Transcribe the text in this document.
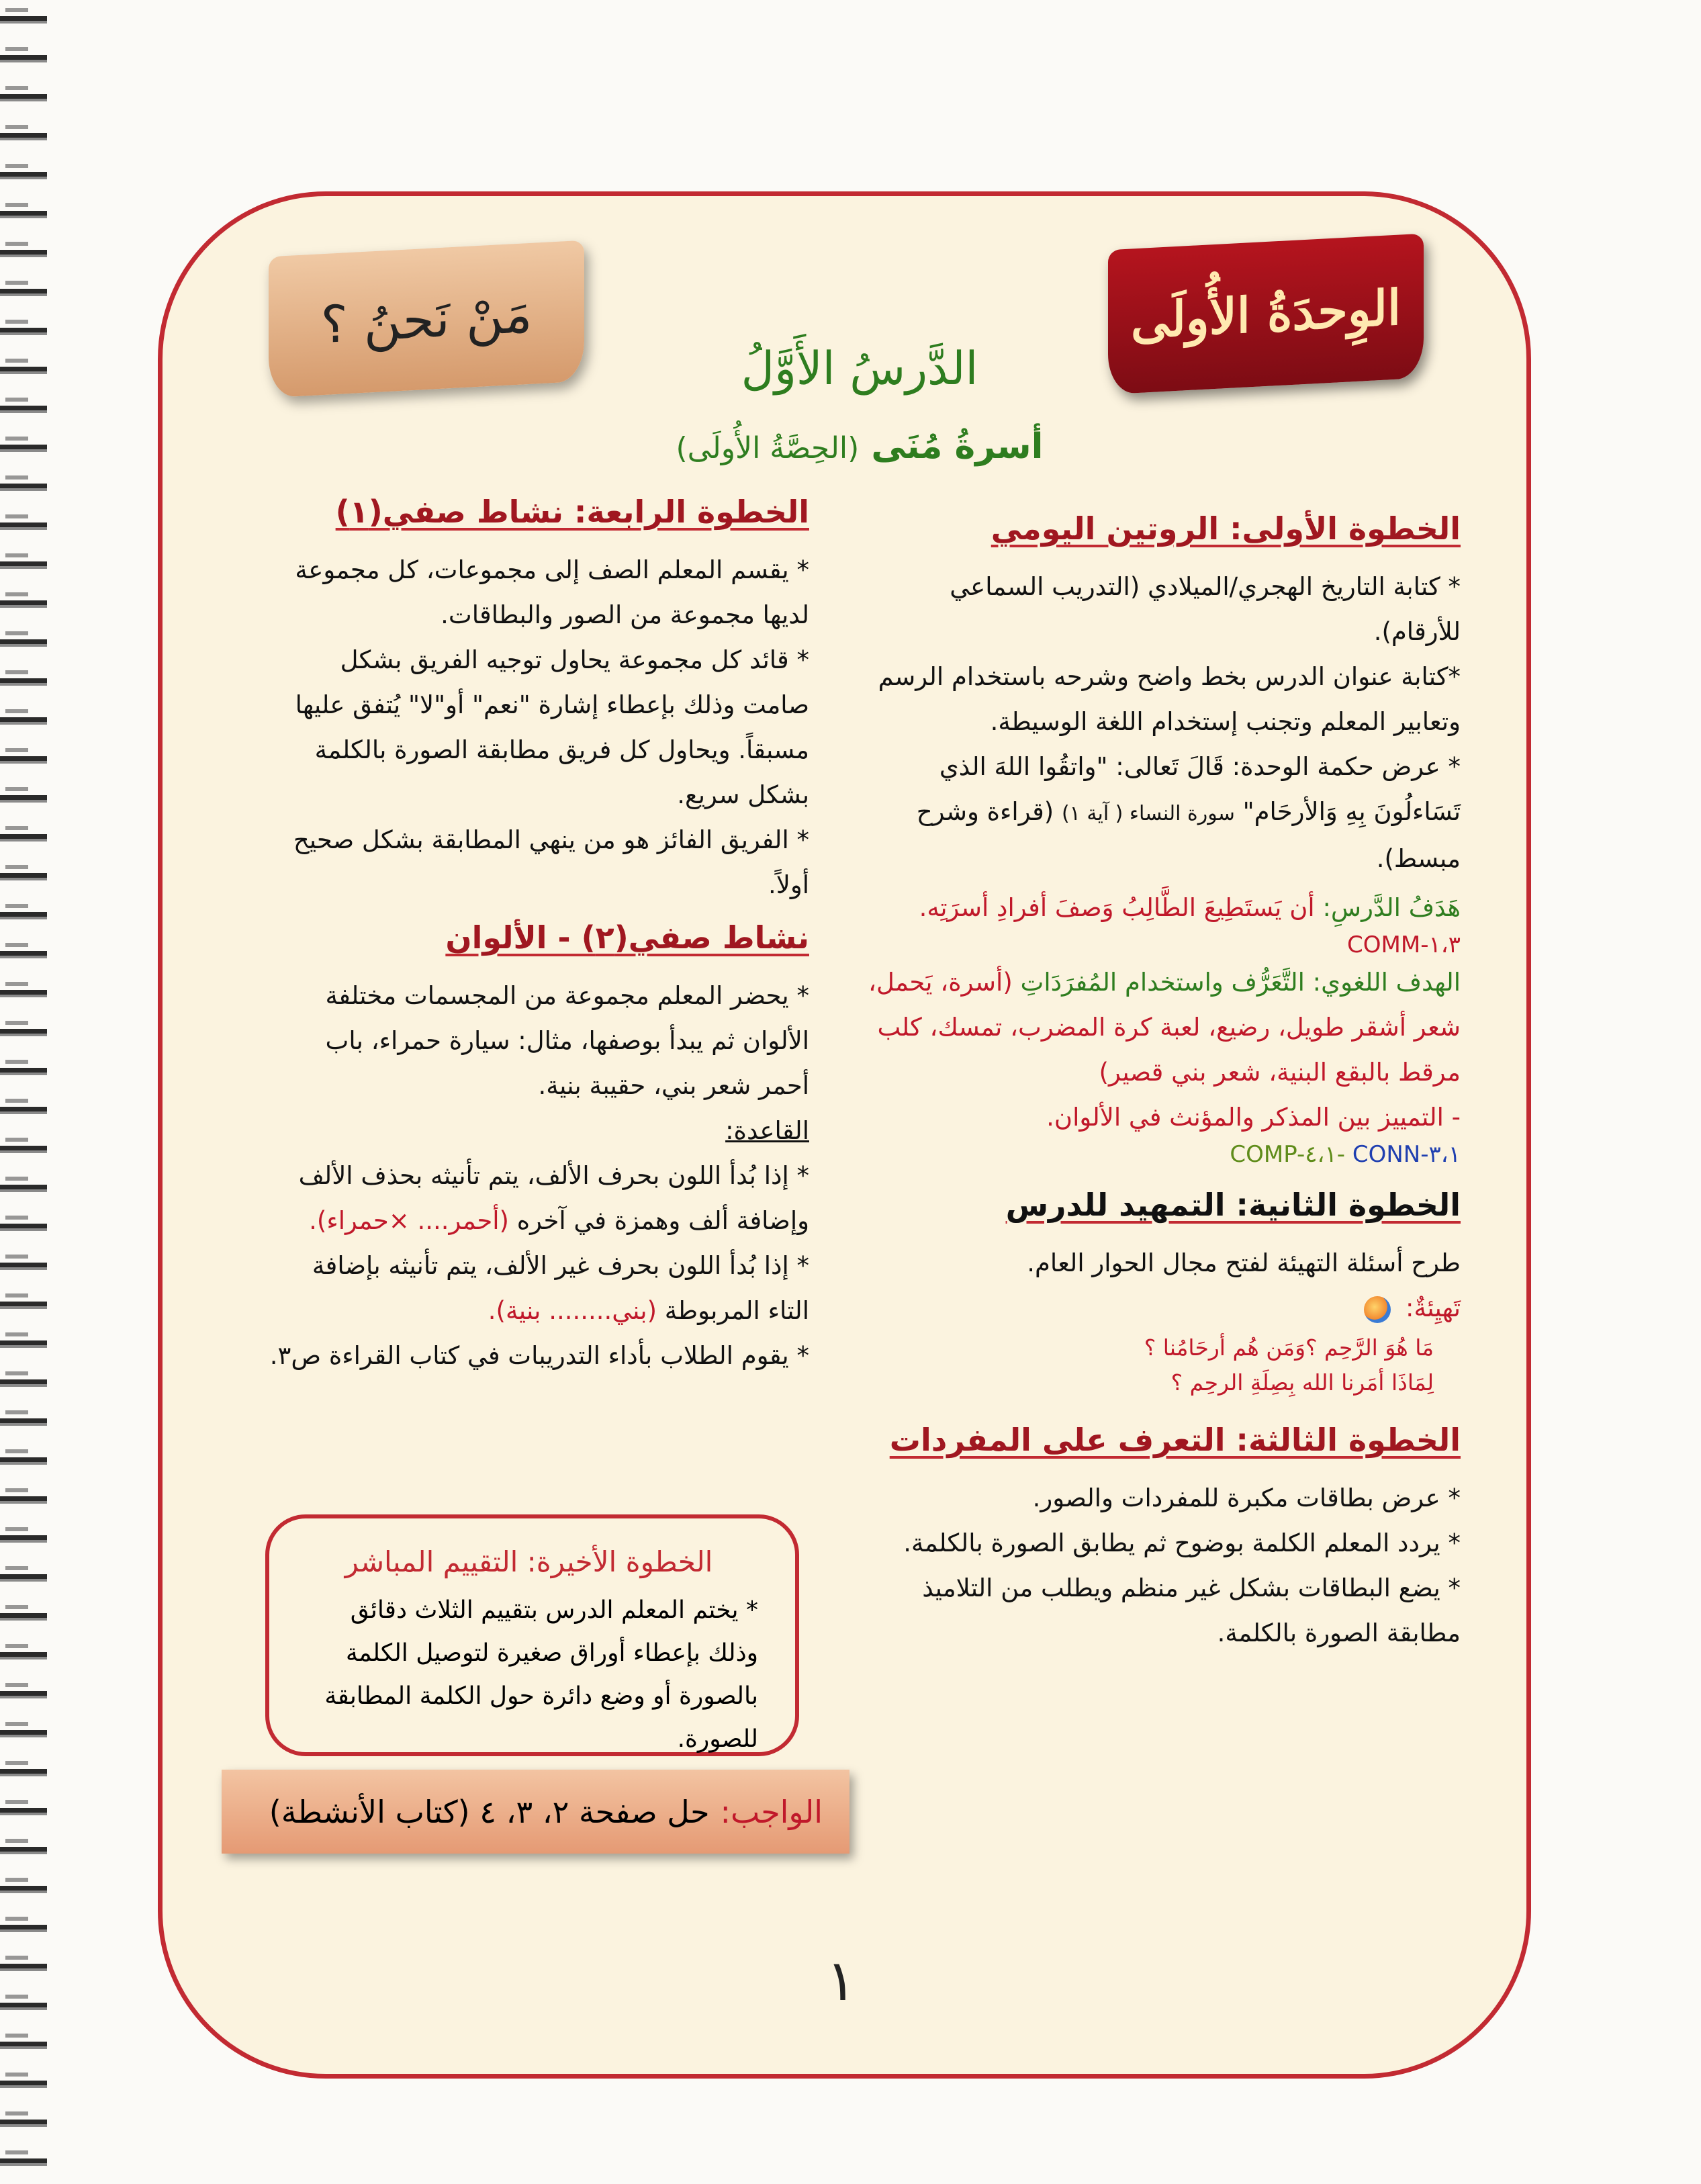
الوِحدَةُ الأُولَى
مَنْ نَحنُ ؟
الدَّرسُ الأَوَّلُ
أسرةُ مُنَى (الحِصَّةُ الأُولَى)
الخطوة الأولى: الروتين اليومي

* كتابة التاريخ الهجري/الميلادي (التدريب السماعي للأرقام).

*كتابة عنوان الدرس بخط واضح وشرحه باستخدام الرسم وتعابير المعلم وتجنب إستخدام اللغة الوسيطة.

* عرض حكمة الوحدة: قَالَ تَعالى: "واتقُوا اللهَ الذي تَسَاءلُونَ بِهِ وَالأرحَام" سورة النساء ( آية ١) (قراءة وشرح مبسط).

هَدَفُ الدَّرسِ: أن يَستَطِيعَ الطَّالِبُ وَصفَ أفرادِ أسرَتِه.

COMM-١،٣

الهدف اللغوي: التَّعَرُّف واستخدام المُفرَدَاتِ (أسرة، يَحمل، شعر أشقر طويل، رضيع، لعبة كرة المضرب، تمسك، كلب مرقط بالبقع البنية، شعر بني قصير)

- التمييز بين المذكر والمؤنث في الألوان.

COMP-٤،١- CONN-٣،١
الخطوة الثانية: التمهيد للدرس

طرح أسئلة التهيئة لفتح مجال الحوار العام.

تَهيِئةٌ:

مَا هُوَ الرَّحِم ؟وَمَن هُم أرحَامُنا ؟

لِمَاذَا أمَرنا الله بِصِلَةِ الرحِم ؟

الخطوة الثالثة: التعرف على المفردات

* عرض بطاقات مكبرة للمفردات والصور.

* يردد المعلم الكلمة بوضوح ثم يطابق الصورة بالكلمة.

* يضع البطاقات بشكل غير منظم ويطلب من التلاميذ مطابقة الصورة بالكلمة.

الخطوة الرابعة: نشاط صفي(١)

* يقسم المعلم الصف إلى مجموعات، كل مجموعة لديها مجموعة من الصور والبطاقات.

* قائد كل مجموعة يحاول توجيه الفريق بشكل صامت وذلك بإعطاء إشارة "نعم" أو"لا" يُتفق عليها مسبقاً. ويحاول كل فريق مطابقة الصورة بالكلمة بشكل سريع.

* الفريق الفائز هو من ينهي المطابقة بشكل صحيح أولاً.

نشاط صفي(٢) - الألوان

* يحضر المعلم مجموعة من المجسمات مختلفة الألوان ثم يبدأ بوصفها، مثال: سيارة حمراء، باب أحمر شعر بني، حقيبة بنية.

القاعدة:

* إذا بُدأ اللون بحرف الألف، يتم تأنيثه بحذف الألف وإضافة ألف وهمزة في آخره (أحمر.... ×حمراء).

* إذا بُدأ اللون بحرف غير الألف، يتم تأنيثه بإضافة التاء المربوطة (بني........ بنية).

* يقوم الطلاب بأداء التدريبات في كتاب القراءة ص٣.

الخطوة الأخيرة: التقييم المباشر

* يختم المعلم الدرس بتقييم الثلاث دقائق وذلك بإعطاء أوراق صغيرة لتوصيل الكلمة بالصورة أو وضع دائرة حول الكلمة المطابقة للصورة.

الواجب:
حل صفحة ٢، ٣، ٤ (كتاب الأنشطة)
١
